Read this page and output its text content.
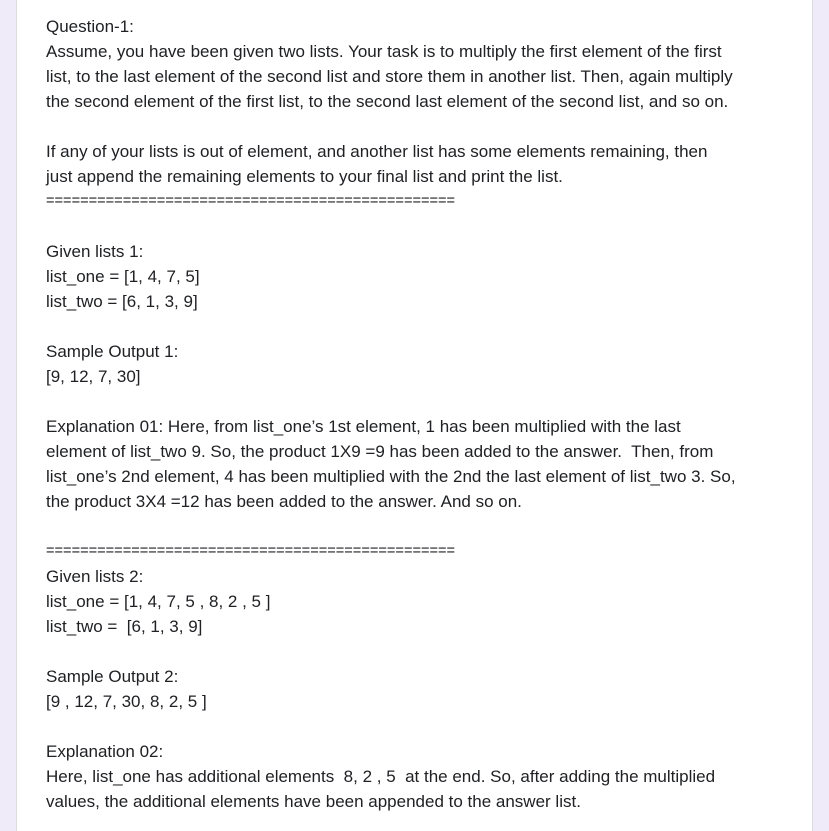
Question-1:
Assume, you have been given two lists. Your task is to multiply the first element of the first
list, to the last element of the second list and store them in another list. Then, again multiply
the second element of the first list, to the second last element of the second list, and so on.
If any of your lists is out of element, and another list has some elements remaining, then
just append the remaining elements to your final list and print the list.
================================================
Given lists 1:
list_one = [1, 4, 7, 5]
list_two = [6, 1, 3, 9]
Sample Output 1:
[9, 12, 7, 30]
Explanation 01: Here, from list_one’s 1st element, 1 has been multiplied with the last
element of list_two 9. So, the product 1X9 =9 has been added to the answer.  Then, from
list_one’s 2nd element, 4 has been multiplied with the 2nd the last element of list_two 3. So,
the product 3X4 =12 has been added to the answer. And so on.
================================================
Given lists 2:
list_one = [1, 4, 7, 5 , 8, 2 , 5 ]
list_two =  [6, 1, 3, 9]
Sample Output 2:
[9 , 12, 7, 30, 8, 2, 5 ]
Explanation 02:
Here, list_one has additional elements  8, 2 , 5  at the end. So, after adding the multiplied
values, the additional elements have been appended to the answer list.
